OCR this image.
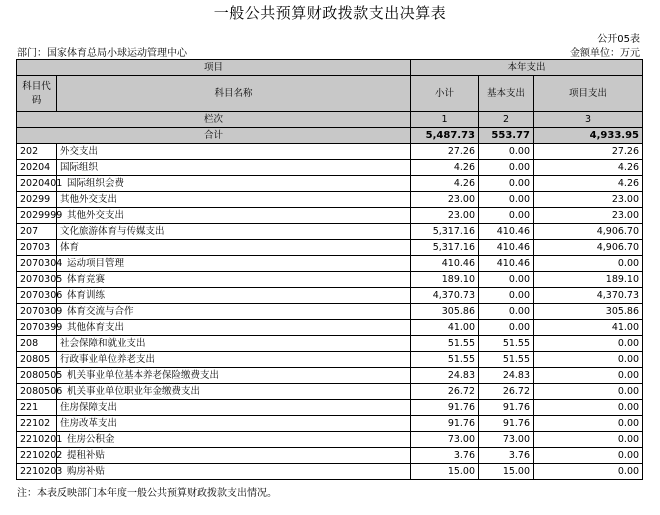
一般公共预算财政拨款支出决算表
公开05表
部门：国家体育总局小球运动管理中心	金额单位：万元
项目		本年支出		
科目代码	科目名称	小计	基本支出	项目支出
栏次		1	2	3
合计		5,487.73	553.77	4,933.95
202	外交支出	27.26	0.00	27.26
20204	国际组织	4.26	0.00	4.26
2020401	国际组织会费	4.26	0.00	4.26
20299	其他外交支出	23.00	0.00	23.00
2029999	其他外交支出	23.00	0.00	23.00
207	文化旅游体育与传媒支出	5,317.16	410.46	4,906.70
20703	体育	5,317.16	410.46	4,906.70
2070304	运动项目管理	410.46	410.46	0.00
2070305	体育竞赛	189.10	0.00	189.10
2070306	体育训练	4,370.73	0.00	4,370.73
2070309	体育交流与合作	305.86	0.00	305.86
2070399	其他体育支出	41.00	0.00	41.00
208	社会保障和就业支出	51.55	51.55	0.00
20805	行政事业单位养老支出	51.55	51.55	0.00
2080505	机关事业单位基本养老保险缴费支出	24.83	24.83	0.00
2080506	机关事业单位职业年金缴费支出	26.72	26.72	0.00
221	住房保障支出	91.76	91.76	0.00
22102	住房改革支出	91.76	91.76	0.00
2210201	住房公积金	73.00	73.00	0.00
2210202	提租补贴	3.76	3.76	0.00
2210203	购房补贴	15.00	15.00	0.00
注：本表反映部门本年度一般公共预算财政拨款支出情况。
